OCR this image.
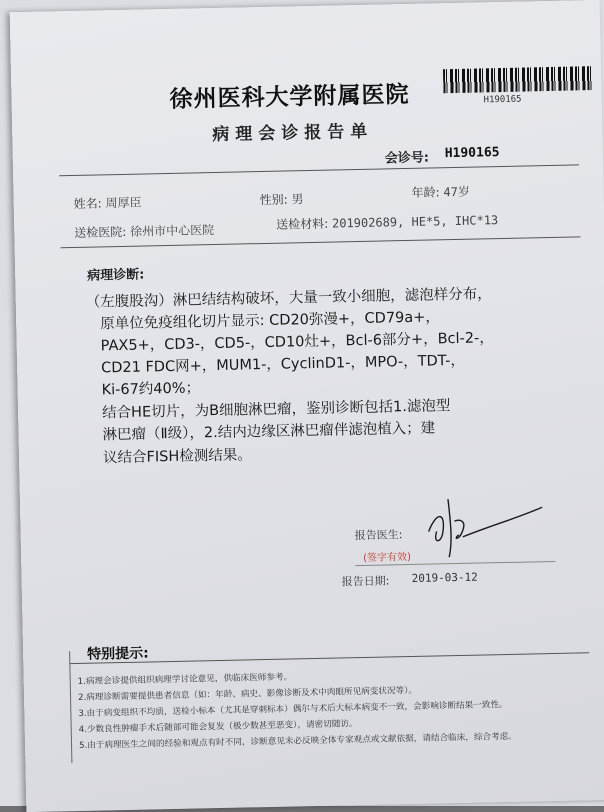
徐州医科大学附属医院	H190165
病理会诊报告单
会诊号: H190165
姓名: 周厚臣	性别: 男	年龄: 47岁
送检医院: 徐州市中心医院	送检材料: 201902689, HE*5, IHC*13
病理诊断:
（左腹股沟）淋巴结结构破坏，大量一致小细胞，滤泡样分布，
原单位免疫组化切片显示: CD20弥漫+，CD79a+，
PAX5+，CD3-，CD5-，CD10灶+，Bcl-6部分+，Bcl-2-，
CD21 FDC网+，MUM1-，CyclinD1-，MPO-，TDT-，
Ki-67约40%；
结合HE切片，为B细胞淋巴瘤，鉴别诊断包括1.滤泡型
淋巴瘤（Ⅱ级），2.结内边缘区淋巴瘤伴滤泡植入；建
议结合FISH检测结果。
报告医生:
(签字有效)
报告日期: 2019-03-12
特别提示:
1.病理会诊提供组织病理学讨论意见，供临床医师参考。
2.病理诊断需要提供患者信息（如：年龄、病史、影像诊断及术中肉眼所见病变状况等）。
3.由于病变组织不均质，送检小标本（尤其是穿刺标本）偶尔与术后大标本病变不一致，会影响诊断结果一致性。
4.少数良性肿瘤手术后随部可能会复发（极少数甚至恶变），请密切随访。
5.由于病理医生之间的经验和观点有时不同，诊断意见未必反映全体专家观点或文献依据，请结合临床，综合考虑。
